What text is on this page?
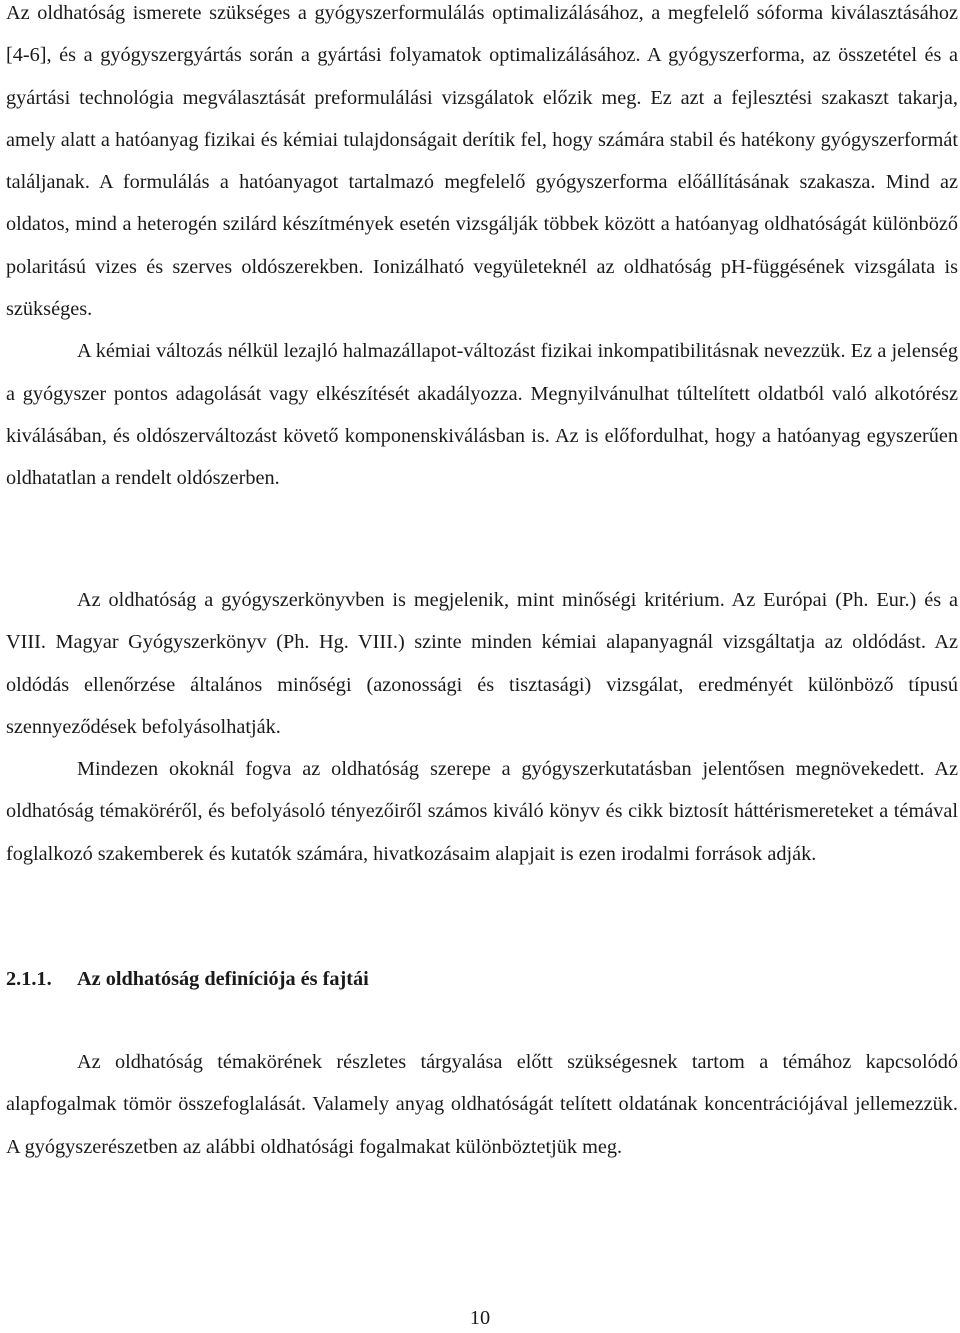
Az oldhatóság ismerete szükséges a gyógyszerformulálás optimalizálásához, a megfelelő sóforma kiválasztásához [4-6], és a gyógyszergyártás során a gyártási folyamatok optimalizálásához. A gyógyszerforma, az összetétel és a gyártási technológia megválasztását preformulálási vizsgálatok előzik meg. Ez azt a fejlesztési szakaszt takarja, amely alatt a hatóanyag fizikai és kémiai tulajdonságait derítik fel, hogy számára stabil és hatékony gyógyszerformát találjanak. A formulálás a hatóanyagot tartalmazó megfelelő gyógyszerforma előállításának szakasza. Mind az oldatos, mind a heterogén szilárd készítmények esetén vizsgálják többek között a hatóanyag oldhatóságát különböző polaritású vizes és szerves oldószerekben. Ionizálható vegyületeknél az oldhatóság pH-függésének vizsgálata is szükséges.

A kémiai változás nélkül lezajló halmazállapot-változást fizikai inkompatibilitásnak nevezzük. Ez a jelenség a gyógyszer pontos adagolását vagy elkészítését akadályozza. Megnyilvánulhat túltelített oldatból való alkotórész kiválásában, és oldószerváltozást követő komponenskiválásban is. Az is előfordulhat, hogy a hatóanyag egyszerűen oldhatatlan a rendelt oldószerben.

Az oldhatóság a gyógyszerkönyvben is megjelenik, mint minőségi kritérium. Az Európai (Ph. Eur.) és a VIII. Magyar Gyógyszerkönyv (Ph. Hg. VIII.) szinte minden kémiai alapanyagnál vizsgáltatja az oldódást. Az oldódás ellenőrzése általános minőségi (azonossági és tisztasági) vizsgálat, eredményét különböző típusú szennyeződések befolyásolhatják.

Mindezen okoknál fogva az oldhatóság szerepe a gyógyszerkutatásban jelentősen megnövekedett. Az oldhatóság témaköréről, és befolyásoló tényezőiről számos kiváló könyv és cikk biztosít háttérismereteket a témával foglalkozó szakemberek és kutatók számára, hivatkozásaim alapjait is ezen irodalmi források adják.

2.1.1. Az oldhatóság definíciója és fajtái

Az oldhatóság témakörének részletes tárgyalása előtt szükségesnek tartom a témához kapcsolódó alapfogalmak tömör összefoglalását. Valamely anyag oldhatóságát telített oldatának koncentrációjával jellemezzük. A gyógyszerészetben az alábbi oldhatósági fogalmakat különböztetjük meg.

10
